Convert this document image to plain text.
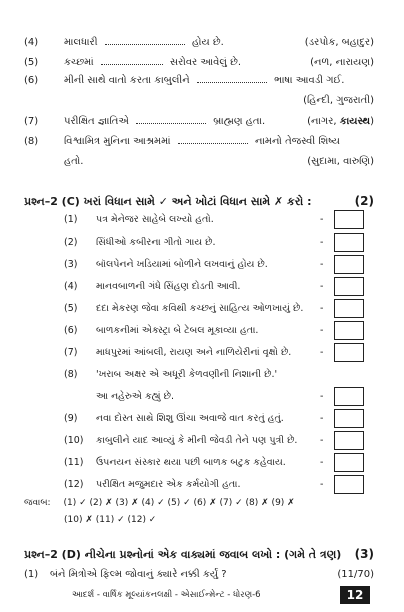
(4)	માલધારી	હોય છે.	(ડરપોક, બહાદુર)
(5)	કચ્છમાં	સરોવર આવેલું છે.	(નળ, નારાયણ)
(6)	મીની સાથે વાતો કરતા કાબુલીને	ભાષા આવડી ગઈ.
(હિન્દી, ગુજરાતી)
(7)	પરીક્ષિત જ્ઞાતિએ	બ્રાહ્મણ હતા.	(નાગર, કાયસ્થ)
(8)	વિશ્વામિત્ર મુનિના આશ્રમમાં	નામનો તેજસ્વી શિષ્ય
હતો.	(સુદામા, વારુણિ)
પ્રશ્ન–2 (C) ખરાં વિધાન સામે ✓ અને ખોટાં વિધાન સામે ✗ કરો :	(2)
(1) પત્ર મેનેજર સાહેબે લખ્યો હતો.	-
(2) સિંધીઓ કબીરના ગીતો ગાય છે.	-
(3) બૉલપેનને ખડિયામાં બોળીને લખવાનું હોય છે.	-
(4) માનવબાળની ગંધે સિંહણ દોડતી આવી.	-
(5) દદા મેકરણ જેવા કવિથી કચ્છનું સાહિત્ય ઓળખાયું છે. -
(6) બાળકનીમાં એક્સ્ટ્રા બે ટેબલ મૂકાવ્યા હતા.	-
(7) માધપુરમાં આંબલી, રાયણ અને નાળિયેરીનાં વૃક્ષો છે.	-
(8) 'ખરાબ અક્ષર એ અધૂરી કેળવણીની નિશાની છે.'
આ નહેરુએ કહ્યું છે.	-
(9) નવા દોસ્ત સાથે શિશુ ઊંચા અવાજે વાત કરતું હતું.	-
(10) કાબુલીને યાદ આવ્યું કે મીની જેવડી તેને પણ પુત્રી છે. -
(11) ઉપનયન સંસ્કાર થયા પછી બાળક બટુક કહેવાય.	-
(12) પરીક્ષિત મજુમદાર એક કર્મયોગી હતા.	-
જવાબ: (1) ✓ (2) ✗ (3) ✗ (4) ✓ (5) ✓ (6) ✗ (7) ✓ (8) ✗ (9) ✗
(10) ✗ (11) ✓ (12) ✓
પ્રશ્ન–2 (D) નીચેના પ્રશ્નોનાં એક વાક્યમાં જવાબ લખો : (ગમે તે ત્રણ) (3)
(1) બંને મિત્રોએ ફિલ્મ જોવાનું ક્યારે નક્કી કર્યું ?	(11/70)
આદર્શ - વાર્ષિક મૂલ્યાંકનલક્ષી - એસાઈન્મેન્ટ - ધોરણ-6	12
